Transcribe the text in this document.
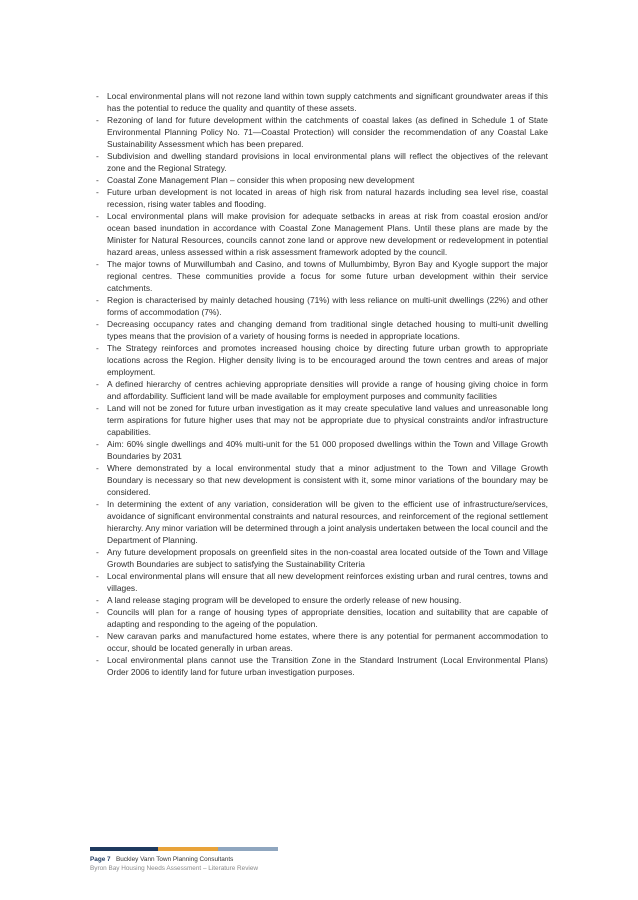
- Local environmental plans will not rezone land within town supply catchments and significant groundwater areas if this has the potential to reduce the quality and quantity of these assets.
- Rezoning of land for future development within the catchments of coastal lakes (as defined in Schedule 1 of State Environmental Planning Policy No. 71—Coastal Protection) will consider the recommendation of any Coastal Lake Sustainability Assessment which has been prepared.
- Subdivision and dwelling standard provisions in local environmental plans will reflect the objectives of the relevant zone and the Regional Strategy.
- Coastal Zone Management Plan – consider this when proposing new development
- Future urban development is not located in areas of high risk from natural hazards including sea level rise, coastal recession, rising water tables and flooding.
- Local environmental plans will make provision for adequate setbacks in areas at risk from coastal erosion and/or ocean based inundation in accordance with Coastal Zone Management Plans. Until these plans are made by the Minister for Natural Resources, councils cannot zone land or approve new development or redevelopment in potential hazard areas, unless assessed within a risk assessment framework adopted by the council.
- The major towns of Murwillumbah and Casino, and towns of Mullumbimby, Byron Bay and Kyogle support the major regional centres. These communities provide a focus for some future urban development within their service catchments.
- Region is characterised by mainly detached housing (71%) with less reliance on multi-unit dwellings (22%) and other forms of accommodation (7%).
- Decreasing occupancy rates and changing demand from traditional single detached housing to multi-unit dwelling types means that the provision of a variety of housing forms is needed in appropriate locations.
- The Strategy reinforces and promotes increased housing choice by directing future urban growth to appropriate locations across the Region. Higher density living is to be encouraged around the town centres and areas of major employment.
- A defined hierarchy of centres achieving appropriate densities will provide a range of housing giving choice in form and affordability. Sufficient land will be made available for employment purposes and community facilities
- Land will not be zoned for future urban investigation as it may create speculative land values and unreasonable long term aspirations for future higher uses that may not be appropriate due to physical constraints and/or infrastructure capabilities.
- Aim: 60% single dwellings and 40% multi-unit for the 51 000 proposed dwellings within the Town and Village Growth Boundaries by 2031
- Where demonstrated by a local environmental study that a minor adjustment to the Town and Village Growth Boundary is necessary so that new development is consistent with it, some minor variations of the boundary may be considered.
- In determining the extent of any variation, consideration will be given to the efficient use of infrastructure/services, avoidance of significant environmental constraints and natural resources, and reinforcement of the regional settlement hierarchy. Any minor variation will be determined through a joint analysis undertaken between the local council and the Department of Planning.
- Any future development proposals on greenfield sites in the non-coastal area located outside of the Town and Village Growth Boundaries are subject to satisfying the Sustainability Criteria
- Local environmental plans will ensure that all new development reinforces existing urban and rural centres, towns and villages.
- A land release staging program will be developed to ensure the orderly release of new housing.
- Councils will plan for a range of housing types of appropriate densities, location and suitability that are capable of adapting and responding to the ageing of the population.
- New caravan parks and manufactured home estates, where there is any potential for permanent accommodation to occur, should be located generally in urban areas.
- Local environmental plans cannot use the Transition Zone in the Standard Instrument (Local Environmental Plans) Order 2006 to identify land for future urban investigation purposes.
Page 7 Buckley Vann Town Planning Consultants
Byron Bay Housing Needs Assessment – Literature Review
